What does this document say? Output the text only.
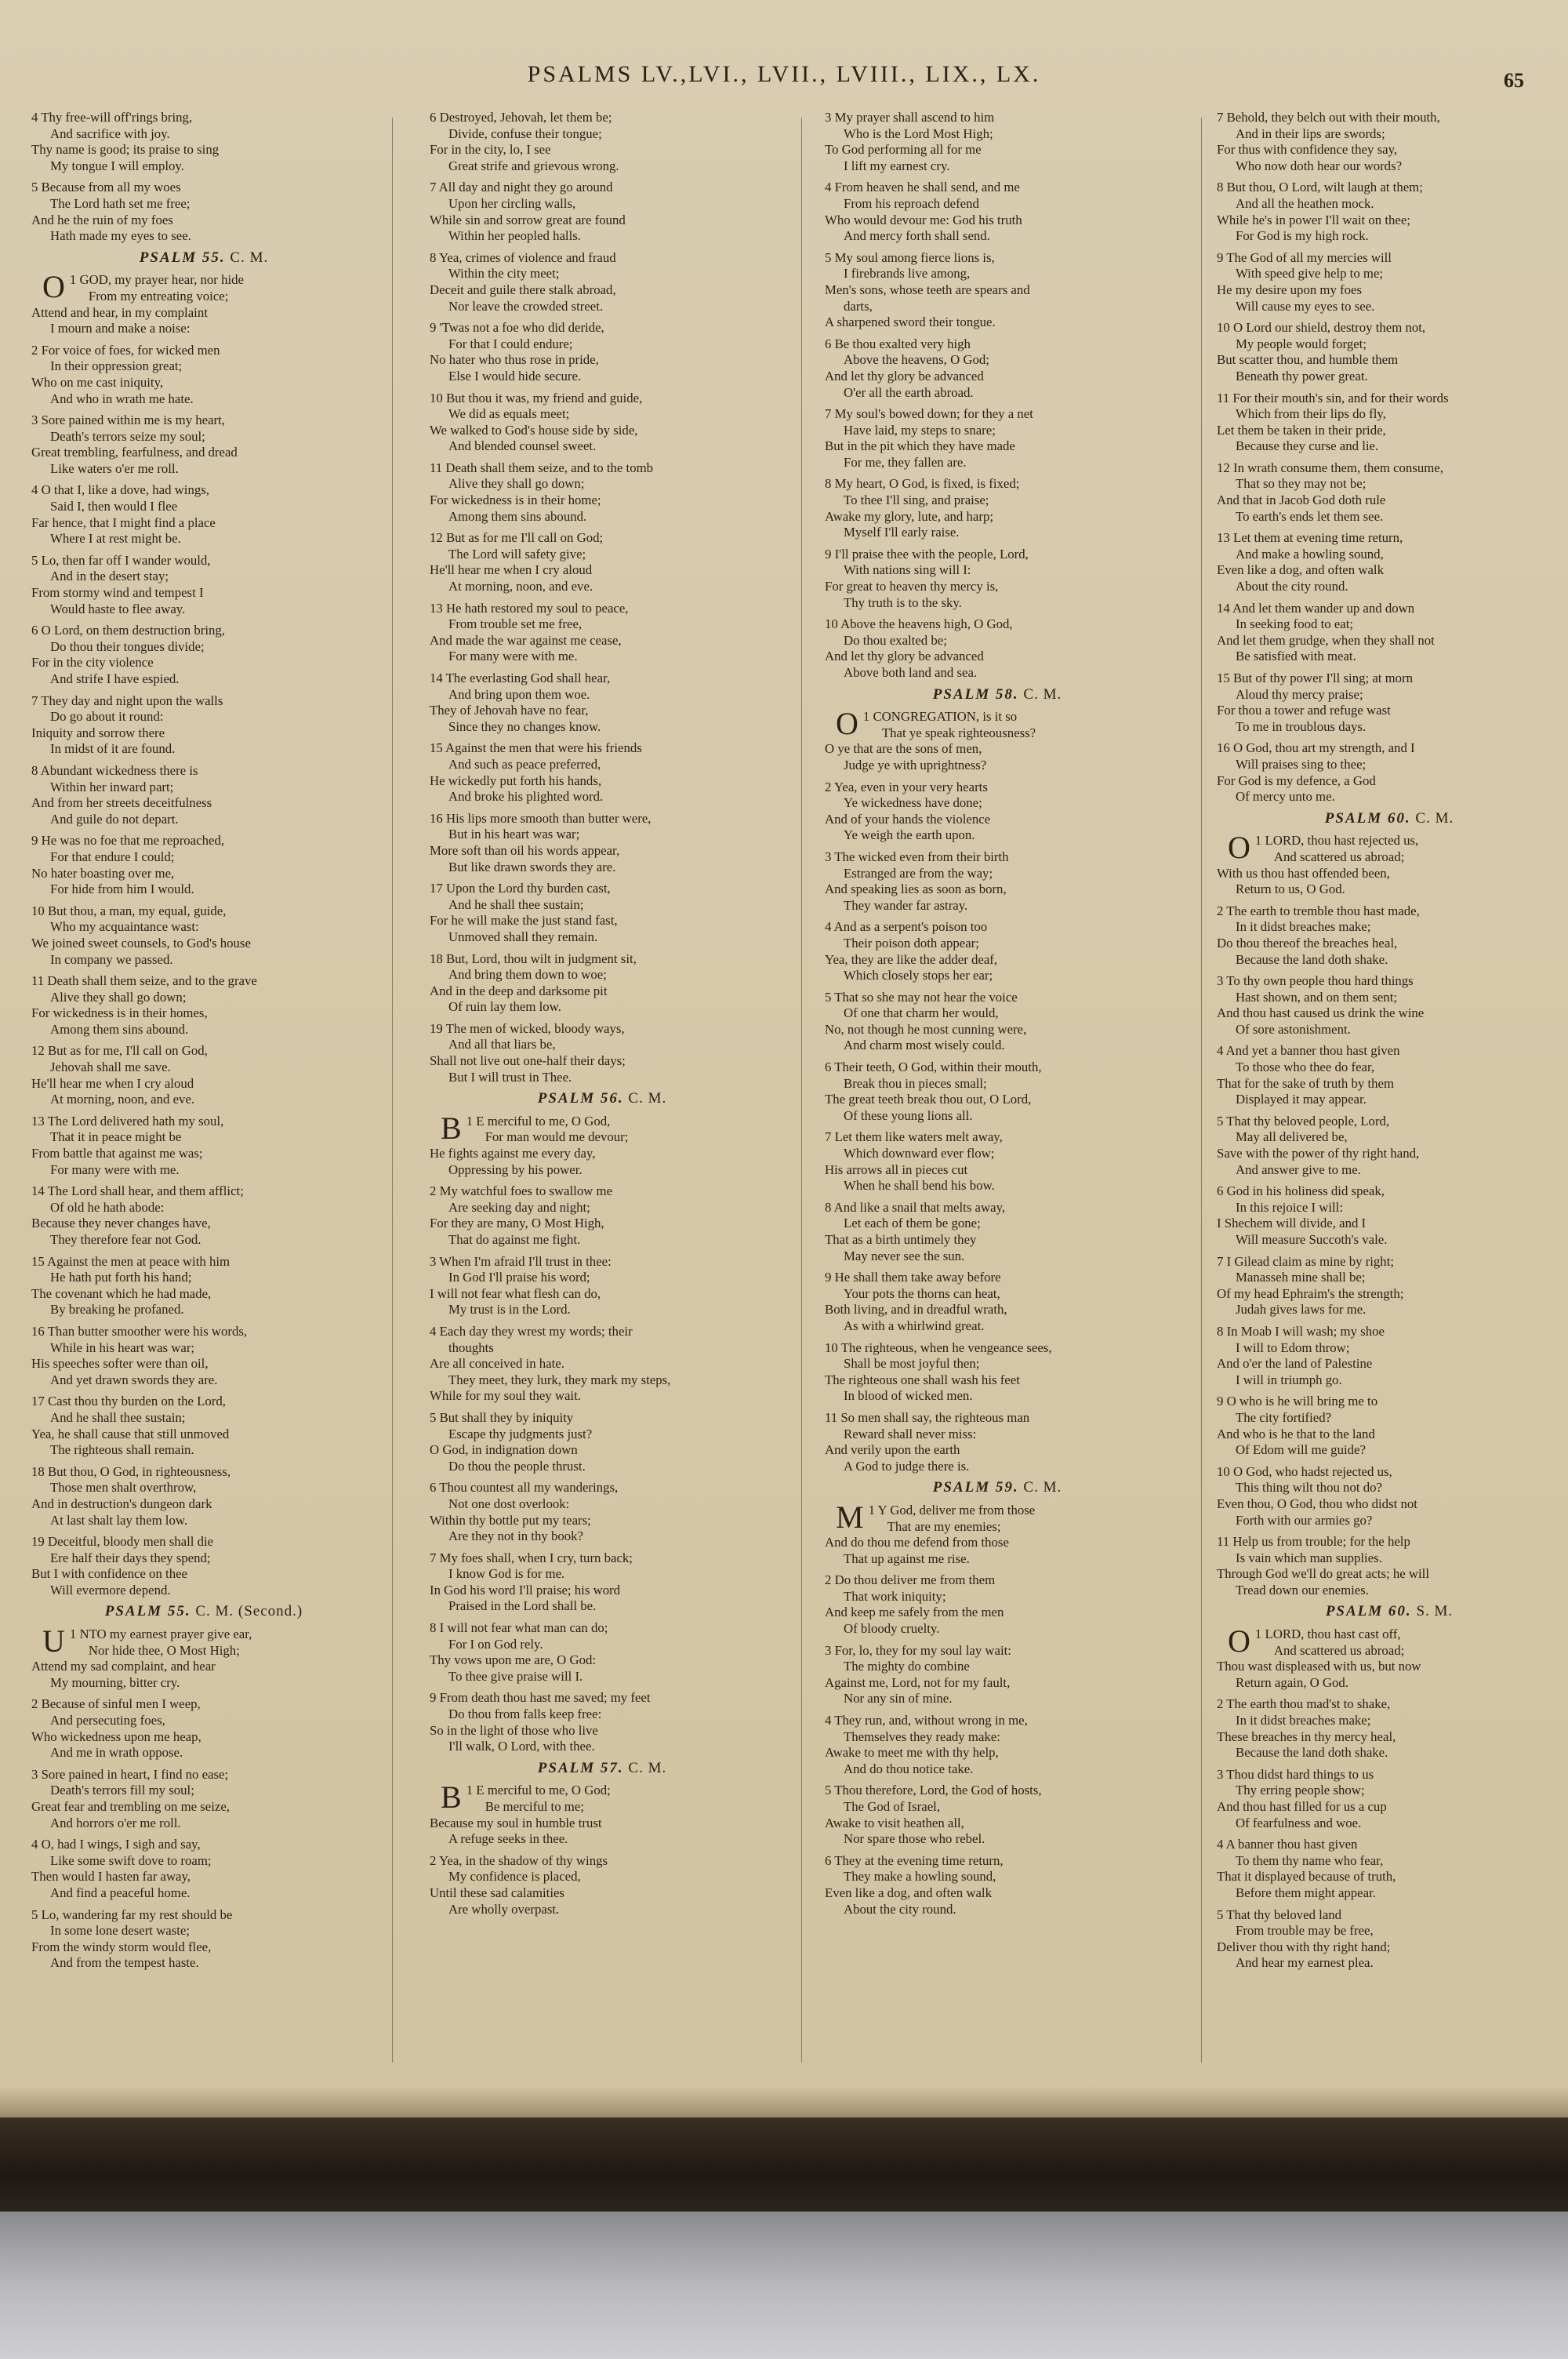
PSALMS LV.,LVI., LVII., LVIII., LIX., LX.	65
4 Thy free-will off'rings bring,
And sacrifice with joy.
Thy name is good; its praise to sing
My tongue I will employ.
5 Because from all my woes
The Lord hath set me free;
And he the ruin of my foes
Hath made my eyes to see.
PSALM 55. C. M.
O 1 GOD, my prayer hear, nor hide
From my entreating voice;
Attend and hear, in my complaint
I mourn and make a noise:
2 For voice of foes, for wicked men
In their oppression great;
Who on me cast iniquity,
And who in wrath me hate.
3 Sore pained within me is my heart,
Death's terrors seize my soul;
Great trembling, fearfulness, and dread
Like waters o'er me roll.
4 O that I, like a dove, had wings,
Said I, then would I flee
Far hence, that I might find a place
Where I at rest might be.
5 Lo, then far off I wander would,
And in the desert stay;
From stormy wind and tempest I
Would haste to flee away.
6 O Lord, on them destruction bring,
Do thou their tongues divide;
For in the city violence
And strife I have espied.
7 They day and night upon the walls
Do go about it round:
Iniquity and sorrow there
In midst of it are found.
8 Abundant wickedness there is
Within her inward part;
And from her streets deceitfulness
And guile do not depart.
9 He was no foe that me reproached,
For that endure I could;
No hater boasting over me,
For hide from him I would.
10 But thou, a man, my equal, guide,
Who my acquaintance wast:
We joined sweet counsels, to God's house
In company we passed.
11 Death shall them seize, and to the grave
Alive they shall go down;
For wickedness is in their homes,
Among them sins abound.
12 But as for me, I'll call on God,
Jehovah shall me save.
He'll hear me when I cry aloud
At morning, noon, and eve.
13 The Lord delivered hath my soul,
That it in peace might be
From battle that against me was;
For many were with me.
14 The Lord shall hear, and them afflict;
Of old he hath abode:
Because they never changes have,
They therefore fear not God.
15 Against the men at peace with him
He hath put forth his hand;
The covenant which he had made,
By breaking he profaned.
16 Than butter smoother were his words,
While in his heart was war;
His speeches softer were than oil,
And yet drawn swords they are.
17 Cast thou thy burden on the Lord,
And he shall thee sustain;
Yea, he shall cause that still unmoved
The righteous shall remain.
18 But thou, O God, in righteousness,
Those men shalt overthrow,
And in destruction's dungeon dark
At last shalt lay them low.
19 Deceitful, bloody men shall die
Ere half their days they spend;
But I with confidence on thee
Will evermore depend.
PSALM 55. C. M. (Second.)
U 1 NTO my earnest prayer give ear,
Nor hide thee, O Most High;
Attend my sad complaint, and hear
My mourning, bitter cry.
2 Because of sinful men I weep,
And persecuting foes,
Who wickedness upon me heap,
And me in wrath oppose.
3 Sore pained in heart, I find no ease;
Death's terrors fill my soul;
Great fear and trembling on me seize,
And horrors o'er me roll.
4 O, had I wings, I sigh and say,
Like some swift dove to roam;
Then would I hasten far away,
And find a peaceful home.
5 Lo, wandering far my rest should be
In some lone desert waste;
From the windy storm would flee,
And from the tempest haste.
6 Destroyed, Jehovah, let them be;
Divide, confuse their tongue;
For in the city, lo, I see
Great strife and grievous wrong.
7 All day and night they go around
Upon her circling walls,
While sin and sorrow great are found
Within her peopled halls.
8 Yea, crimes of violence and fraud
Within the city meet;
Deceit and guile there stalk abroad,
Nor leave the crowded street.
9 'Twas not a foe who did deride,
For that I could endure;
No hater who thus rose in pride,
Else I would hide secure.
10 But thou it was, my friend and guide,
We did as equals meet;
We walked to God's house side by side,
And blended counsel sweet.
11 Death shall them seize, and to the tomb
Alive they shall go down;
For wickedness is in their home;
Among them sins abound.
12 But as for me I'll call on God;
The Lord will safety give;
He'll hear me when I cry aloud
At morning, noon, and eve.
13 He hath restored my soul to peace,
From trouble set me free,
And made the war against me cease,
For many were with me.
14 The everlasting God shall hear,
And bring upon them woe.
They of Jehovah have no fear,
Since they no changes know.
15 Against the men that were his friends
And such as peace preferred,
He wickedly put forth his hands,
And broke his plighted word.
16 His lips more smooth than butter were,
But in his heart was war;
More soft than oil his words appear,
But like drawn swords they are.
17 Upon the Lord thy burden cast,
And he shall thee sustain;
For he will make the just stand fast,
Unmoved shall they remain.
18 But, Lord, thou wilt in judgment sit,
And bring them down to woe;
And in the deep and darksome pit
Of ruin lay them low.
19 The men of wicked, bloody ways,
And all that liars be,
Shall not live out one-half their days;
But I will trust in Thee.
PSALM 56. C. M.
B 1 E merciful to me, O God,
For man would me devour;
He fights against me every day,
Oppressing by his power.
2 My watchful foes to swallow me
Are seeking day and night;
For they are many, O Most High,
That do against me fight.
3 When I'm afraid I'll trust in thee:
In God I'll praise his word;
I will not fear what flesh can do,
My trust is in the Lord.
4 Each day they wrest my words; their
thoughts
Are all conceived in hate.
They meet, they lurk, they mark my steps,
While for my soul they wait.
5 But shall they by iniquity
Escape thy judgments just?
O God, in indignation down
Do thou the people thrust.
6 Thou countest all my wanderings,
Not one dost overlook:
Within thy bottle put my tears;
Are they not in thy book?
7 My foes shall, when I cry, turn back;
I know God is for me.
In God his word I'll praise; his word
Praised in the Lord shall be.
8 I will not fear what man can do;
For I on God rely.
Thy vows upon me are, O God:
To thee give praise will I.
9 From death thou hast me saved; my feet
Do thou from falls keep free:
So in the light of those who live
I'll walk, O Lord, with thee.
PSALM 57. C. M.
B 1 E merciful to me, O God;
Be merciful to me;
Because my soul in humble trust
A refuge seeks in thee.
2 Yea, in the shadow of thy wings
My confidence is placed,
Until these sad calamities
Are wholly overpast.
3 My prayer shall ascend to him
Who is the Lord Most High;
To God performing all for me
I lift my earnest cry.
4 From heaven he shall send, and me
From his reproach defend
Who would devour me: God his truth
And mercy forth shall send.
5 My soul among fierce lions is,
I firebrands live among,
Men's sons, whose teeth are spears and
darts,
A sharpened sword their tongue.
6 Be thou exalted very high
Above the heavens, O God;
And let thy glory be advanced
O'er all the earth abroad.
7 My soul's bowed down; for they a net
Have laid, my steps to snare;
But in the pit which they have made
For me, they fallen are.
8 My heart, O God, is fixed, is fixed;
To thee I'll sing, and praise;
Awake my glory, lute, and harp;
Myself I'll early raise.
9 I'll praise thee with the people, Lord,
With nations sing will I:
For great to heaven thy mercy is,
Thy truth is to the sky.
10 Above the heavens high, O God,
Do thou exalted be;
And let thy glory be advanced
Above both land and sea.
PSALM 58. C. M.
O 1 CONGREGATION, is it so
That ye speak righteousness?
O ye that are the sons of men,
Judge ye with uprightness?
2 Yea, even in your very hearts
Ye wickedness have done;
And of your hands the violence
Ye weigh the earth upon.
3 The wicked even from their birth
Estranged are from the way;
And speaking lies as soon as born,
They wander far astray.
4 And as a serpent's poison too
Their poison doth appear;
Yea, they are like the adder deaf,
Which closely stops her ear;
5 That so she may not hear the voice
Of one that charm her would,
No, not though he most cunning were,
And charm most wisely could.
6 Their teeth, O God, within their mouth,
Break thou in pieces small;
The great teeth break thou out, O Lord,
Of these young lions all.
7 Let them like waters melt away,
Which downward ever flow;
His arrows all in pieces cut
When he shall bend his bow.
8 And like a snail that melts away,
Let each of them be gone;
That as a birth untimely they
May never see the sun.
9 He shall them take away before
Your pots the thorns can heat,
Both living, and in dreadful wrath,
As with a whirlwind great.
10 The righteous, when he vengeance sees,
Shall be most joyful then;
The righteous one shall wash his feet
In blood of wicked men.
11 So men shall say, the righteous man
Reward shall never miss:
And verily upon the earth
A God to judge there is.
PSALM 59. C. M.
M 1 Y God, deliver me from those
That are my enemies;
And do thou me defend from those
That up against me rise.
2 Do thou deliver me from them
That work iniquity;
And keep me safely from the men
Of bloody cruelty.
3 For, lo, they for my soul lay wait:
The mighty do combine
Against me, Lord, not for my fault,
Nor any sin of mine.
4 They run, and, without wrong in me,
Themselves they ready make:
Awake to meet me with thy help,
And do thou notice take.
5 Thou therefore, Lord, the God of hosts,
The God of Israel,
Awake to visit heathen all,
Nor spare those who rebel.
6 They at the evening time return,
They make a howling sound,
Even like a dog, and often walk
About the city round.
7 Behold, they belch out with their mouth,
And in their lips are swords;
For thus with confidence they say,
Who now doth hear our words?
8 But thou, O Lord, wilt laugh at them;
And all the heathen mock.
While he's in power I'll wait on thee;
For God is my high rock.
9 The God of all my mercies will
With speed give help to me;
He my desire upon my foes
Will cause my eyes to see.
10 O Lord our shield, destroy them not,
My people would forget;
But scatter thou, and humble them
Beneath thy power great.
11 For their mouth's sin, and for their words
Which from their lips do fly,
Let them be taken in their pride,
Because they curse and lie.
12 In wrath consume them, them consume,
That so they may not be;
And that in Jacob God doth rule
To earth's ends let them see.
13 Let them at evening time return,
And make a howling sound,
Even like a dog, and often walk
About the city round.
14 And let them wander up and down
In seeking food to eat;
And let them grudge, when they shall not
Be satisfied with meat.
15 But of thy power I'll sing; at morn
Aloud thy mercy praise;
For thou a tower and refuge wast
To me in troublous days.
16 O God, thou art my strength, and I
Will praises sing to thee;
For God is my defence, a God
Of mercy unto me.
PSALM 60. C. M.
O 1 LORD, thou hast rejected us,
And scattered us abroad;
With us thou hast offended been,
Return to us, O God.
2 The earth to tremble thou hast made,
In it didst breaches make;
Do thou thereof the breaches heal,
Because the land doth shake.
3 To thy own people thou hard things
Hast shown, and on them sent;
And thou hast caused us drink the wine
Of sore astonishment.
4 And yet a banner thou hast given
To those who thee do fear,
That for the sake of truth by them
Displayed it may appear.
5 That thy beloved people, Lord,
May all delivered be,
Save with the power of thy right hand,
And answer give to me.
6 God in his holiness did speak,
In this rejoice I will:
I Shechem will divide, and I
Will measure Succoth's vale.
7 I Gilead claim as mine by right;
Manasseh mine shall be;
Of my head Ephraim's the strength;
Judah gives laws for me.
8 In Moab I will wash; my shoe
I will to Edom throw;
And o'er the land of Palestine
I will in triumph go.
9 O who is he will bring me to
The city fortified?
And who is he that to the land
Of Edom will me guide?
10 O God, who hadst rejected us,
This thing wilt thou not do?
Even thou, O God, thou who didst not
Forth with our armies go?
11 Help us from trouble; for the help
Is vain which man supplies.
Through God we'll do great acts; he will
Tread down our enemies.
PSALM 60. S. M.
O 1 LORD, thou hast cast off,
And scattered us abroad;
Thou wast displeased with us, but now
Return again, O God.
2 The earth thou mad'st to shake,
In it didst breaches make;
These breaches in thy mercy heal,
Because the land doth shake.
3 Thou didst hard things to us
Thy erring people show;
And thou hast filled for us a cup
Of fearfulness and woe.
4 A banner thou hast given
To them thy name who fear,
That it displayed because of truth,
Before them might appear.
5 That thy beloved land
From trouble may be free,
Deliver thou with thy right hand;
And hear my earnest plea.
